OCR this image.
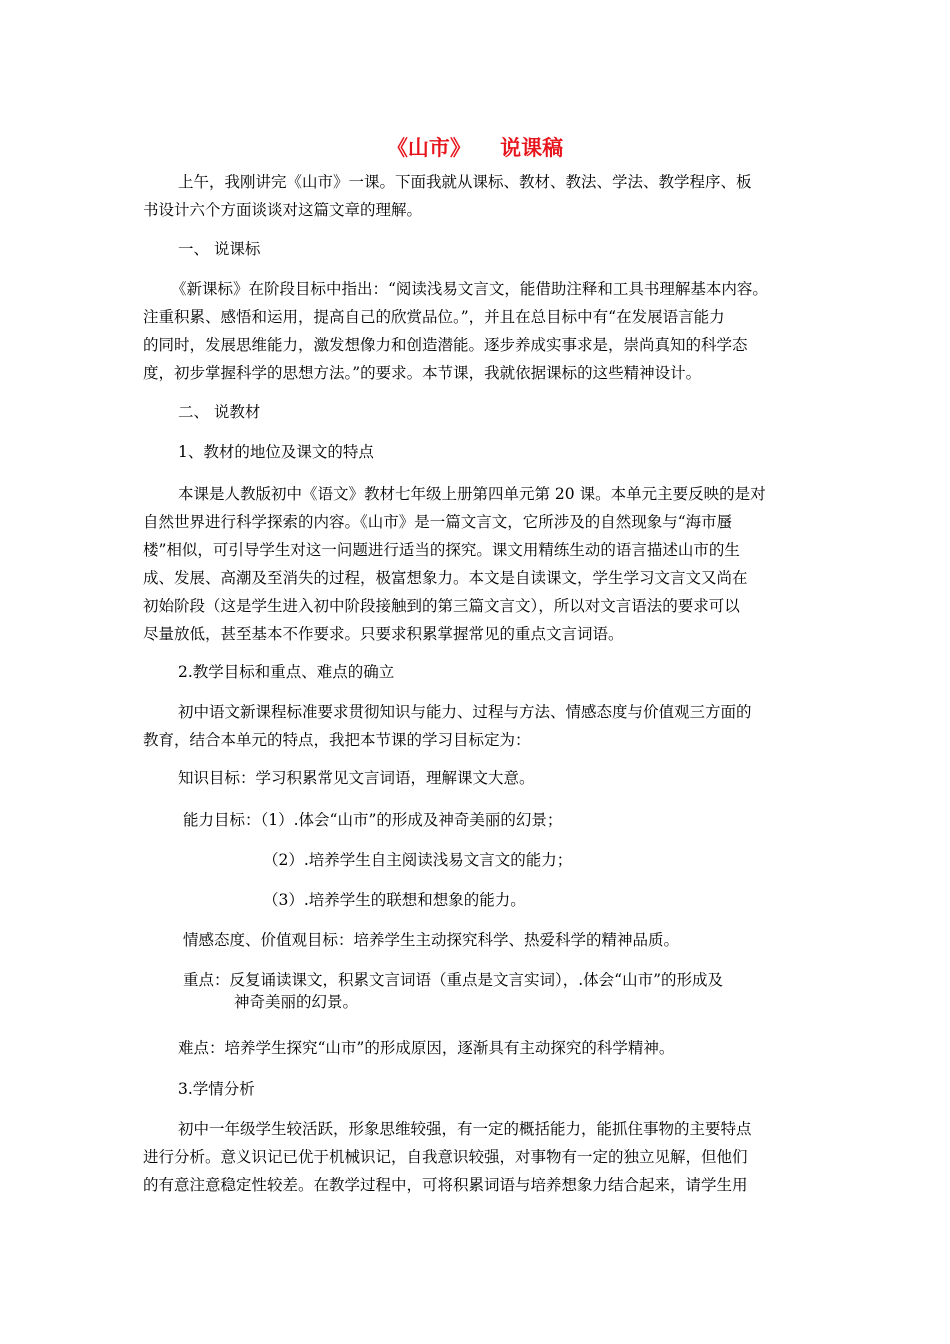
《山市》    说课稿
上午，我刚讲完《山市》一课。下面我就从课标、教材、教法、学法、教学程序、板
书设计六个方面谈谈对这篇文章的理解。
一、 说课标
《新课标》在阶段目标中指出：“阅读浅易文言文，能借助注释和工具书理解基本内容。
注重积累、感悟和运用，提高自己的欣赏品位。”，并且在总目标中有“在发展语言能力
的同时，发展思维能力，激发想像力和创造潜能。逐步养成实事求是，崇尚真知的科学态
度，初步掌握科学的思想方法。”的要求。本节课，我就依据课标的这些精神设计。
二、 说教材
1、教材的地位及课文的特点
本课是人教版初中《语文》教材七年级上册第四单元第 20 课。本单元主要反映的是对
自然世界进行科学探索的内容。《山市》是一篇文言文，它所涉及的自然现象与“海市蜃
楼”相似，可引导学生对这一问题进行适当的探究。课文用精练生动的语言描述山市的生
成、发展、高潮及至消失的过程，极富想象力。本文是自读课文，学生学习文言文又尚在
初始阶段（这是学生进入初中阶段接触到的第三篇文言文），所以对文言语法的要求可以
尽量放低，甚至基本不作要求。只要求积累掌握常见的重点文言词语。
2.教学目标和重点、难点的确立
初中语文新课程标准要求贯彻知识与能力、过程与方法、情感态度与价值观三方面的
教育，结合本单元的特点，我把本节课的学习目标定为：
知识目标：学习积累常见文言词语，理解课文大意。
能力目标：（1）.体会“山市”的形成及神奇美丽的幻景；
（2）.培养学生自主阅读浅易文言文的能力；
（3）.培养学生的联想和想象的能力。
情感态度、价值观目标：培养学生主动探究科学、热爱科学的精神品质。
重点：反复诵读课文，积累文言词语（重点是文言实词），.体会“山市”的形成及
神奇美丽的幻景。
难点：培养学生探究“山市”的形成原因，逐渐具有主动探究的科学精神。
3.学情分析
初中一年级学生较活跃，形象思维较强，有一定的概括能力，能抓住事物的主要特点
进行分析。意义识记已优于机械识记，自我意识较强，对事物有一定的独立见解，但他们
的有意注意稳定性较差。在教学过程中，可将积累词语与培养想象力结合起来，请学生用
